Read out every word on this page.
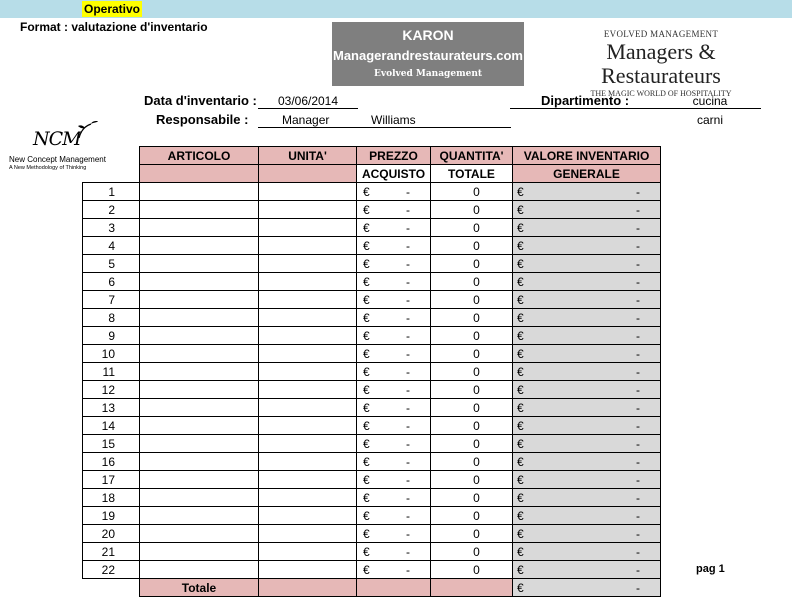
Operativo
Format : valutazione d'inventario	KARON
Managerandrestaurateurs.com
Evolved Management
EVOLVED MANAGEMENT
Managers & Restaurateurs
THE MAGIC WORLD OF HOSPITALITY
NCM
New Concept Management
A New Methodology of Thinking
Data d'inventario :	03/06/2014
Responsabile :	Manager	Williams
Dipartimento :	cucina
carni
	ARTICOLO	UNITA'	PREZZO	QUANTITA'	VALORE INVENTARIO
			ACQUISTO	TOTALE	GENERALE
1			€ -	0	€ -

2			€ -	0	€ -

3			€ -	0	€ -

4			€ -	0	€ -

5			€ -	0	€ -

6			€ -	0	€ -

7			€ -	0	€ -

8			€ -	0	€ -

9			€ -	0	€ -

10			€ -	0	€ -

11			€ -	0	€ -

12			€ -	0	€ -

13			€ -	0	€ -

14			€ -	0	€ -

15			€ -	0	€ -

16			€ -	0	€ -

17			€ -	0	€ -

18			€ -	0	€ -

19			€ -	0	€ -

20			€ -	0	€ -

21			€ -	0	€ -

22			€ -	0	€ -

	Totale				€ -
pag 1
